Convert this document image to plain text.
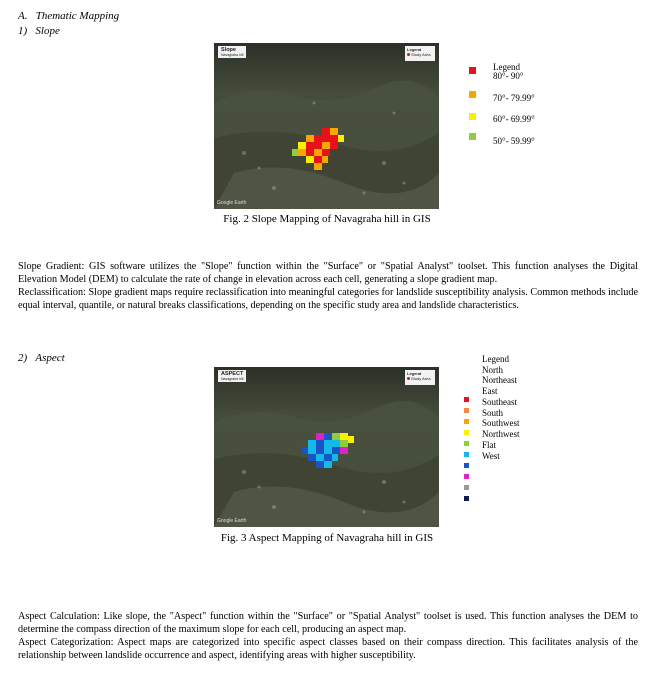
A.   Thematic Mapping
1)   Slope
Slope
Navagraha hill
Legend
Study Area
Google Earth
Legend
80°- 90°
70°- 79.99°
60°- 69.99°
50°- 59.99°
Fig. 2 Slope Mapping of Navagraha hill in GIS

Slope Gradient: GIS software utilizes the "Slope" function within the "Surface" or "Spatial Analyst" toolset. This function analyses the Digital Elevation Model (DEM) to calculate the rate of change in elevation across each cell, generating a slope gradient map.

Reclassification: Slope gradient maps require reclassification into meaningful categories for landslide susceptibility analysis. Common methods include equal interval, quantile, or natural breaks classifications, depending on the specific study area and landslide characteristics.

2)   Aspect
ASPECT
Navagraha hill
Legend
Study Area
Google Earth
Legend
North
Northeast
East
Southeast
South
Southwest
Northwest
Flat
West
Fig. 3 Aspect Mapping of Navagraha hill in GIS

Aspect Calculation: Like slope, the "Aspect" function within the "Surface" or "Spatial Analyst" toolset is used. This function analyses the DEM to determine the compass direction of the maximum slope for each cell, producing an aspect map.

Aspect Categorization: Aspect maps are categorized into specific aspect classes based on their compass direction. This facilitates analysis of the relationship between landslide occurrence and aspect, identifying areas with higher susceptibility.
